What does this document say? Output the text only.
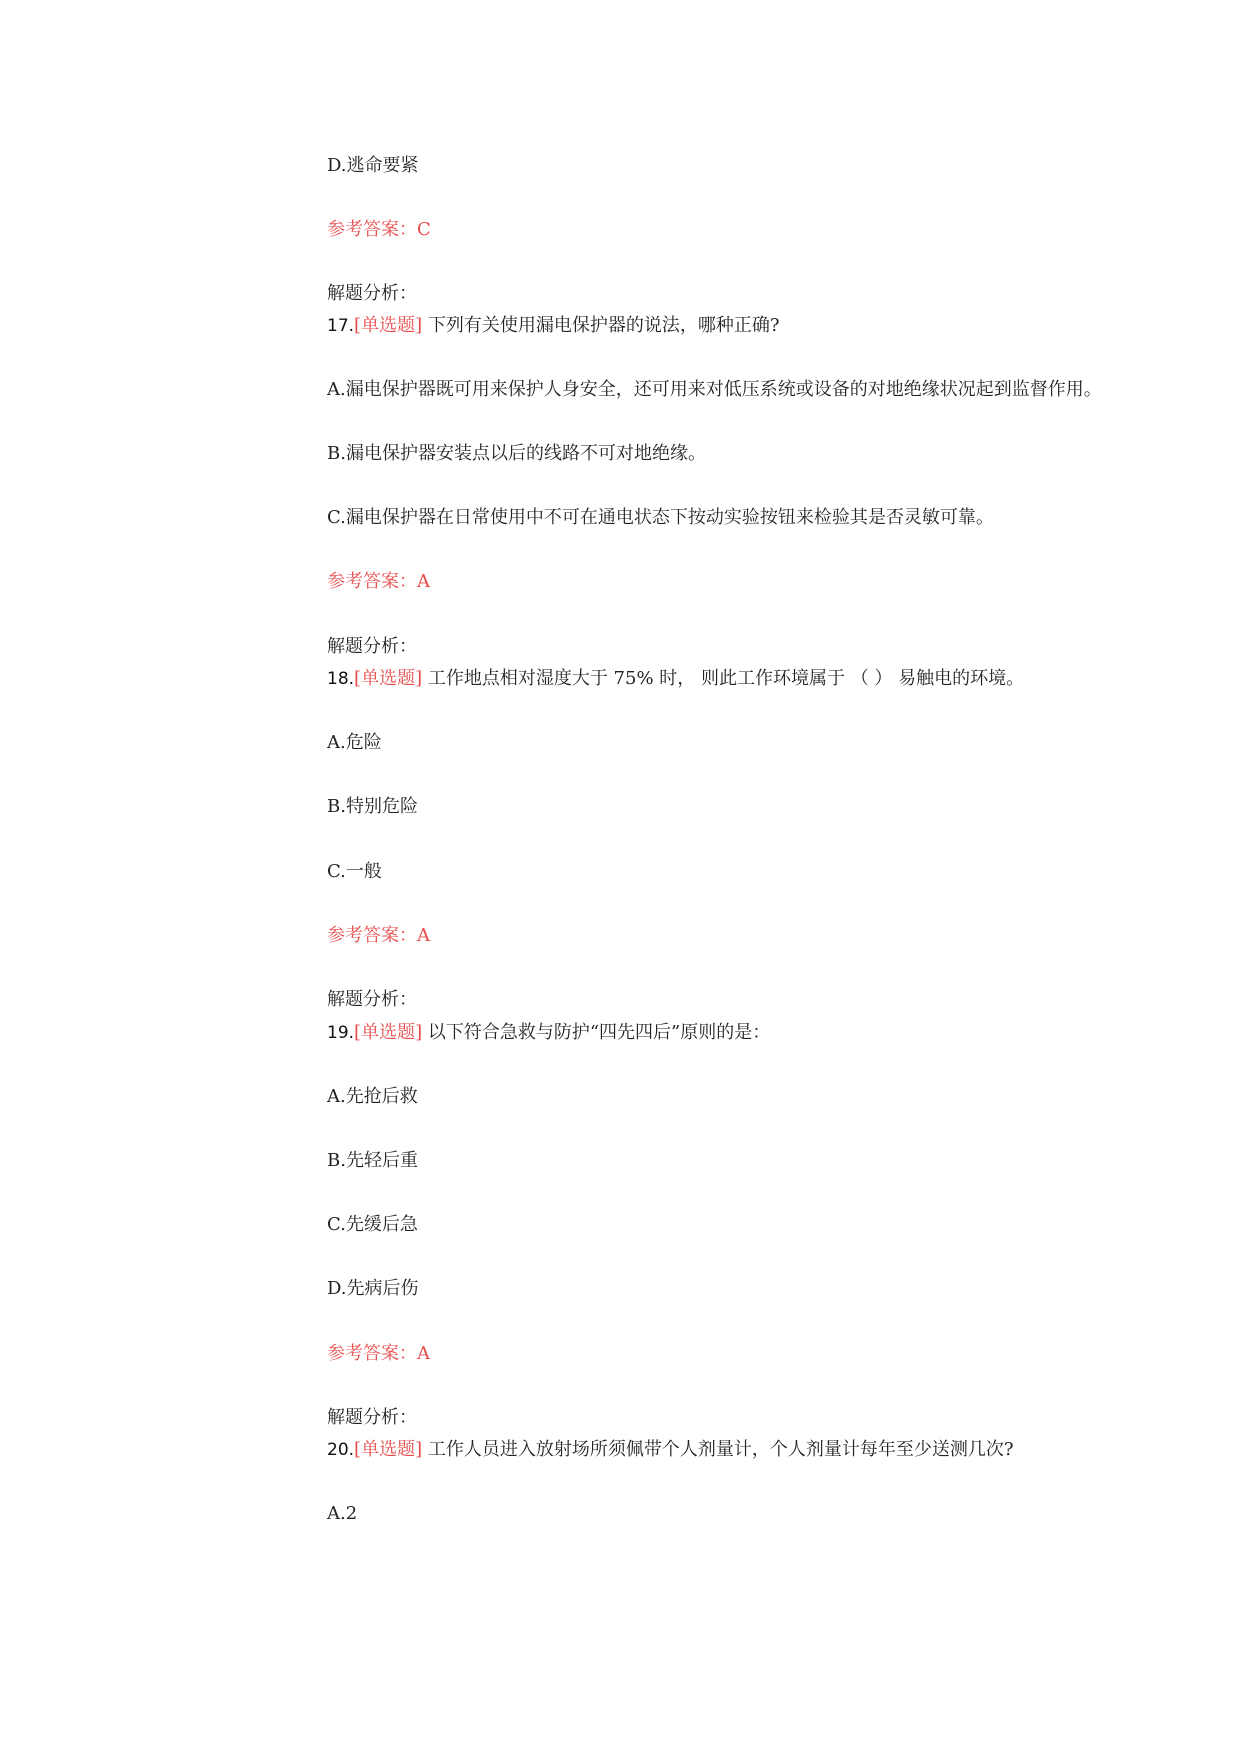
D.逃命要紧
参考答案：C
解题分析：
17.[单选题] 下列有关使用漏电保护器的说法，哪种正确?
A.漏电保护器既可用来保护人身安全，还可用来对低压系统或设备的对地绝缘状况起到监督作用。
B.漏电保护器安装点以后的线路不可对地绝缘。
C.漏电保护器在日常使用中不可在通电状态下按动实验按钮来检验其是否灵敏可靠。
参考答案：A
解题分析：
18.[单选题] 工作地点相对湿度大于 75% 时， 则此工作环境属于 （ ） 易触电的环境。
A.危险
B.特别危险
C.一般
参考答案：A
解题分析：
19.[单选题] 以下符合急救与防护“四先四后”原则的是：
A.先抢后救
B.先轻后重
C.先缓后急
D.先病后伤
参考答案：A
解题分析：
20.[单选题] 工作人员进入放射场所须佩带个人剂量计，个人剂量计每年至少送测几次?
A.2
